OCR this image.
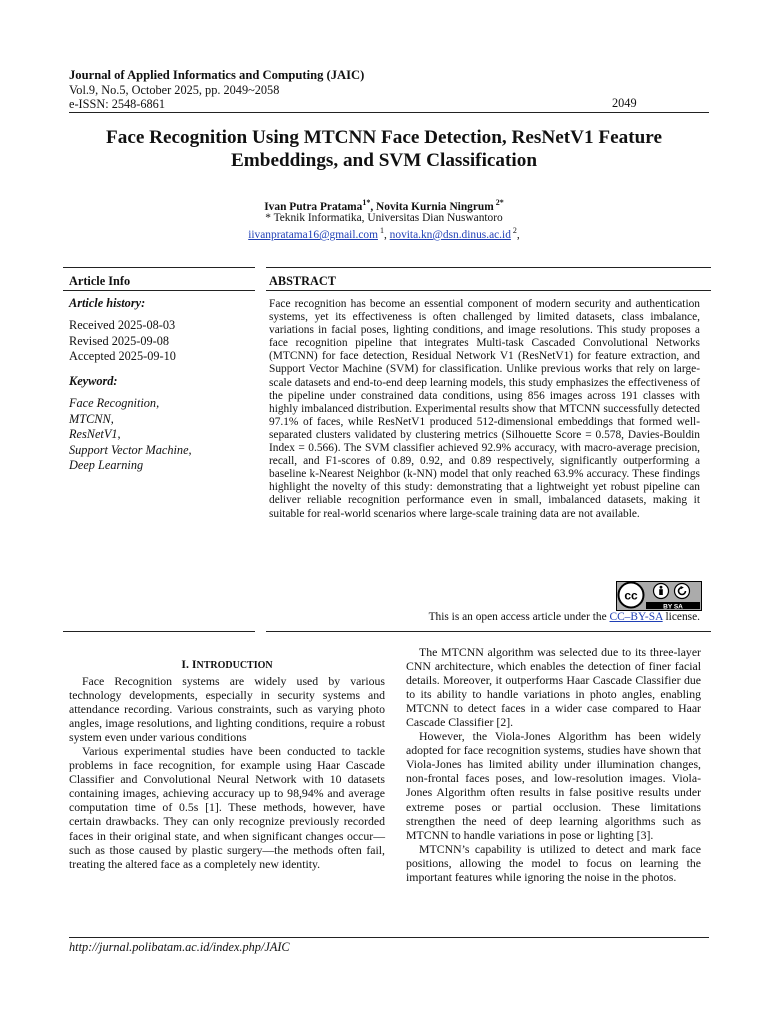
Journal of Applied Informatics and Computing (JAIC)
Vol.9, No.5, October 2025, pp. 2049~2058
e-ISSN: 2548-6861	2049
Face Recognition Using MTCNN Face Detection, ResNetV1 Feature
Embeddings, and SVM Classification
Ivan Putra Pratama$^{1*}$, Novita Kurnia Ningrum $^{2*}$
* Teknik Informatika, Universitas Dian Nuswantoro
iivanpratama16@gmail.com $^1$, novita.kn@dsn.dinus.ac.id $^2$,
Article Info	ABSTRACT
Article history:
Received 2025-08-03
Revised 2025-09-08
Accepted 2025-09-10
Keyword:
Face Recognition,
MTCNN,
ResNetV1,
Support Vector Machine,
Deep Learning
Face recognition has become an essential component of modern security and authentication systems, yet its effectiveness is often challenged by limited datasets, class imbalance, variations in facial poses, lighting conditions, and image resolutions. This study proposes a face recognition pipeline that integrates Multi-task Cascaded Convolutional Networks (MTCNN) for face detection, Residual Network V1 (ResNetV1) for feature extraction, and Support Vector Machine (SVM) for classification. Unlike previous works that rely on large-scale datasets and end-to-end deep learning models, this study emphasizes the effectiveness of the pipeline under constrained data conditions, using 856 images across 191 classes with highly imbalanced distribution. Experimental results show that MTCNN successfully detected 97.1% of faces, while ResNetV1 produced 512-dimensional embeddings that formed well-separated clusters validated by clustering metrics (Silhouette Score = 0.578, Davies-Bouldin Index = 0.566). The SVM classifier achieved 92.9% accuracy, with macro-average precision, recall, and F1-scores of 0.89, 0.92, and 0.89 respectively, significantly outperforming a baseline k-Nearest Neighbor (k-NN) model that only reached 63.9% accuracy. These findings highlight the novelty of this study: demonstrating that a lightweight yet robust pipeline can deliver reliable recognition performance even in small, imbalanced datasets, making it suitable for real-world scenarios where large-scale training data are not available.
cc
BY SA
This is an open access article under the CC–BY-SA license.
I. INTRODUCTION

Face Recognition systems are widely used by various technology developments, especially in security systems and attendance recording. Various constraints, such as varying photo angles, image resolutions, and lighting conditions, require a robust system even under various conditions

Various experimental studies have been conducted to tackle problems in face recognition, for example using Haar Cascade Classifier and Convolutional Neural Network with 10 datasets containing images, achieving accuracy up to 98,94% and average computation time of 0.5s [1]. These methods, however, have certain drawbacks. They can only recognize previously recorded faces in their original state, and when significant changes occur—such as those caused by plastic surgery—the methods often fail, treating the altered face as a completely new identity.

The MTCNN algorithm was selected due to its three-layer CNN architecture, which enables the detection of finer facial details. Moreover, it outperforms Haar Cascade Classifier due to its ability to handle variations in photo angles, enabling MTCNN to detect faces in a wider case compared to Haar Cascade Classifier [2].

However, the Viola-Jones Algorithm has been widely adopted for face recognition systems, studies have shown that Viola-Jones has limited ability under illumination changes, non-frontal faces poses, and low-resolution images. Viola-Jones Algorithm often results in false positive results under extreme poses or partial occlusion. These limitations strengthen the need of deep learning algorithms such as MTCNN to handle variations in pose or lighting [3].

MTCNN’s capability is utilized to detect and mark face positions, allowing the model to focus on learning the important features while ignoring the noise in the photos.

http://jurnal.polibatam.ac.id/index.php/JAIC
